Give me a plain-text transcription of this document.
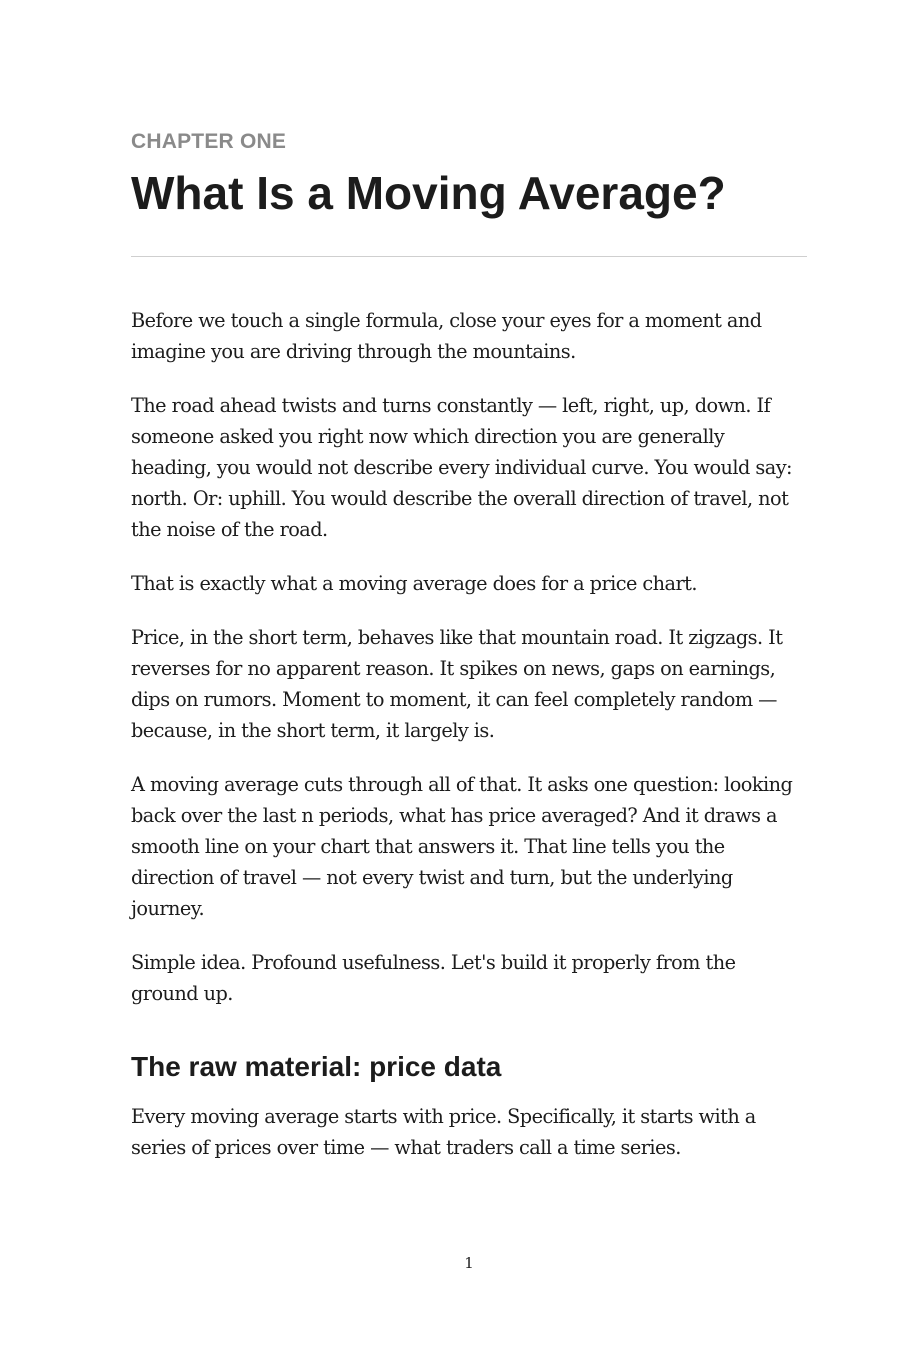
CHAPTER ONE

What Is a Moving Average?

Before we touch a single formula, close your eyes for a moment and imagine you are driving through the mountains.

The road ahead twists and turns constantly — left, right, up, down. If someone asked you right now which direction you are generally heading, you would not describe every individual curve. You would say: north. Or: uphill. You would describe the overall direction of travel, not the noise of the road.

That is exactly what a moving average does for a price chart.

Price, in the short term, behaves like that mountain road. It zigzags. It reverses for no apparent reason. It spikes on news, gaps on earnings, dips on rumors. Moment to moment, it can feel completely random — because, in the short term, it largely is.

A moving average cuts through all of that. It asks one question: looking back over the last n periods, what has price averaged? And it draws a smooth line on your chart that answers it. That line tells you the direction of travel — not every twist and turn, but the underlying journey.

Simple idea. Profound usefulness. Let's build it properly from the ground up.

The raw material: price data

Every moving average starts with price. Specifically, it starts with a series of prices over time — what traders call a time series.

1
